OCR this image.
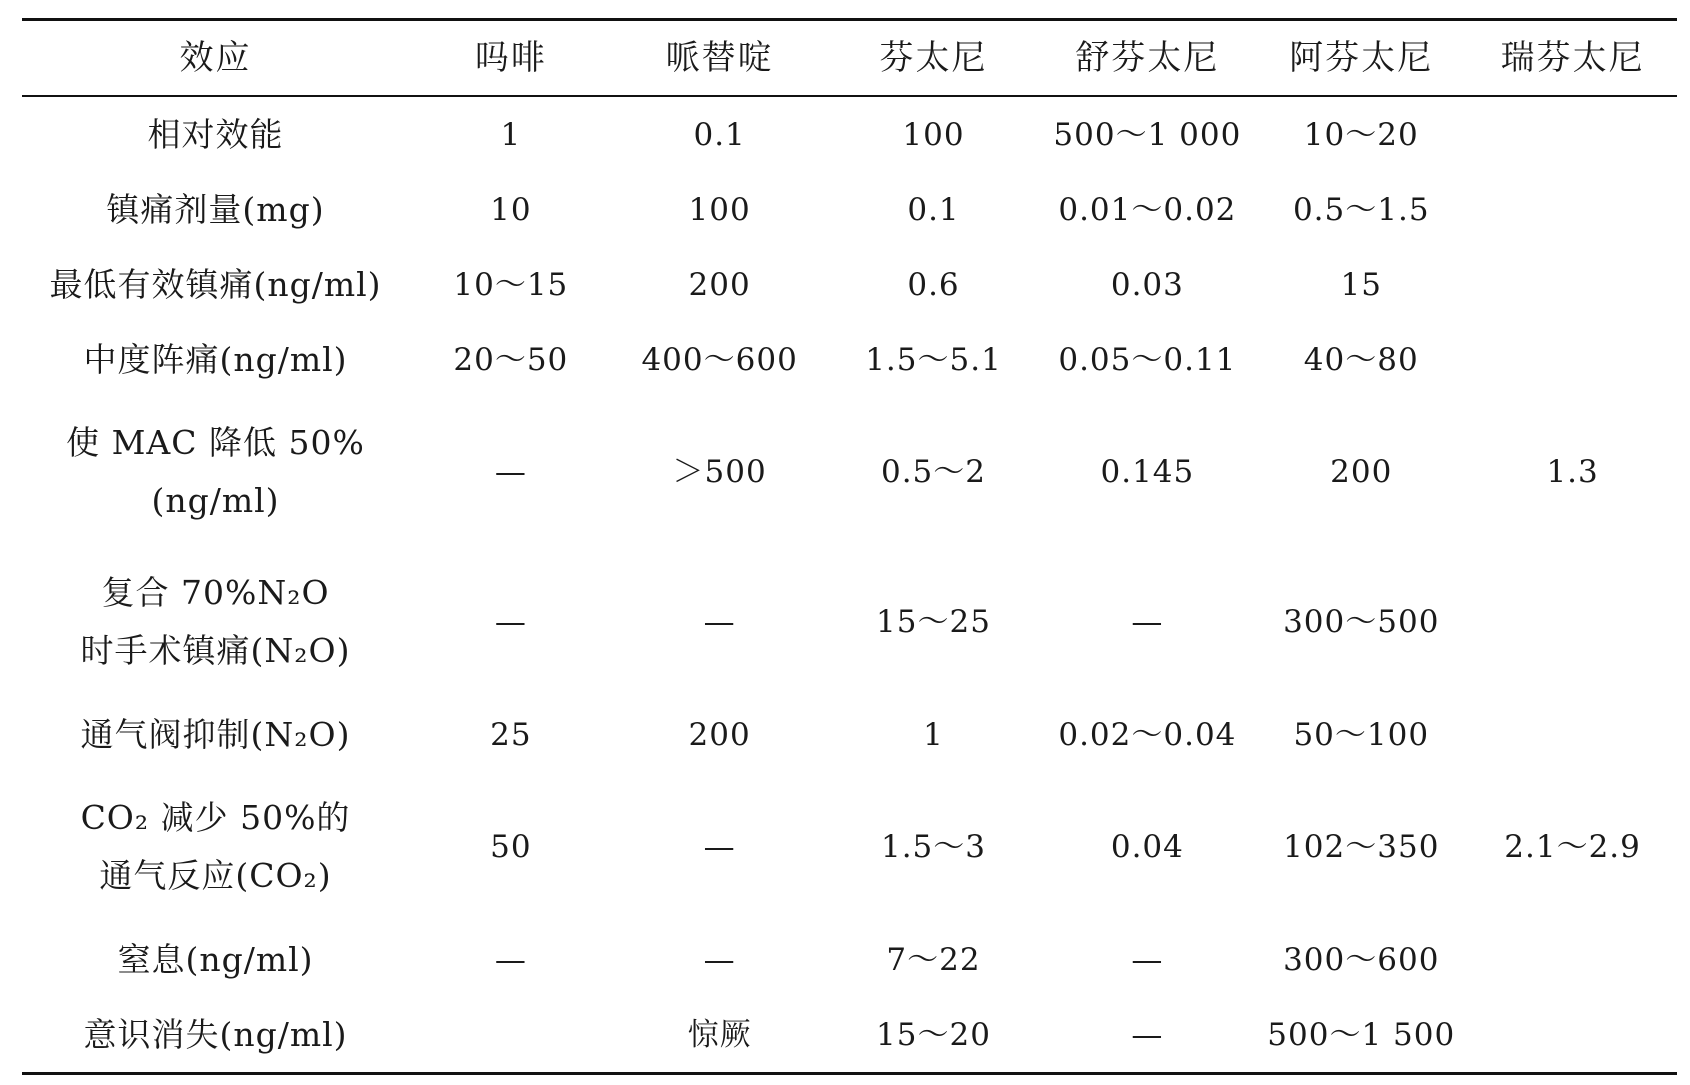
效应	吗啡	哌替啶	芬太尼	舒芬太尼	阿芬太尼	瑞芬太尼
相对效能	1	0.1	100	500～1 000	10～20	
镇痛剂量(mg)	10	100	0.1	0.01～0.02	0.5～1.5	
最低有效镇痛(ng/ml)	10～15	200	0.6	0.03	15	
中度阵痛(ng/ml)	20～50	400～600	1.5～5.1	0.05～0.11	40～80	

使 MAC 降低 50%
(ng/ml)	—	＞500	0.5～2	0.145	200	1.3

复合 70%N₂O
时手术镇痛(N₂O)	—	—	15～25	—	300～500	
通气阀抑制(N₂O)	25	200	1	0.02～0.04	50～100	

CO₂ 减少 50%的
通气反应(CO₂)	50	—	1.5～3	0.04	102～350	2.1～2.9
窒息(ng/ml)	—	—	7～22	—	300～600	
意识消失(ng/ml)		惊厥	15～20	—	500～1 500	
